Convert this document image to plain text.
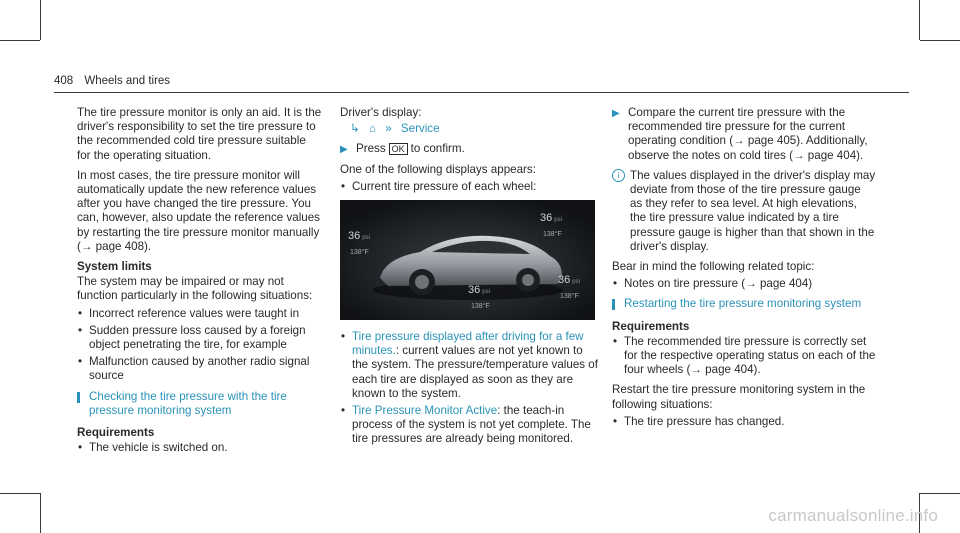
408 Wheels and tires

The tire pressure monitor is only an aid. It is the driver's responsibility to set the tire pressure to the recommended cold tire pressure suitable for the operating situation.

In most cases, the tire pressure monitor will automatically update the new reference values after you have changed the tire pressure. You can, however, also update the reference values by restarting the tire pressure monitor manually (→ page 408).

System limits

The system may be impaired or may not function particularly in the following situations:

• Incorrect reference values were taught in
• Sudden pressure loss caused by a foreign object penetrating the tire, for example
• Malfunction caused by another radio signal source
Checking the tire pressure with the tire pressure monitoring system
Requirements
• The vehicle is switched on.

Driver's display:

↳ ⌂ » Service
▶ Press OK to confirm.

One of the following displays appears:

• Current tire pressure of each wheel:
36 psi
138°F
36 psi
138°F
36 psi
138°F
36 psi
138°F
• Tire pressure displayed after driving for a few minutes.: current values are not yet known to the system. The pressure/temperature values of each tire are displayed as soon as they are known to the system.
• Tire Pressure Monitor Active: the teach-in process of the system is not yet complete. The tire pressures are already being monitored.
▶ Compare the current tire pressure with the recommended tire pressure for the current operating condition (→ page 405). Additionally, observe the notes on cold tires (→ page 404).
i The values displayed in the driver's display may deviate from those of the tire pressure gauge as they refer to sea level. At high elevations, the tire pressure value indicated by a tire pressure gauge is higher than that shown in the driver's display.

Bear in mind the following related topic:

• Notes on tire pressure (→ page 404)
Restarting the tire pressure monitoring system
Requirements
• The recommended tire pressure is correctly set for the respective operating status on each of the four wheels (→ page 404).

Restart the tire pressure monitoring system in the following situations:

• The tire pressure has changed.
carmanualsonline.info
